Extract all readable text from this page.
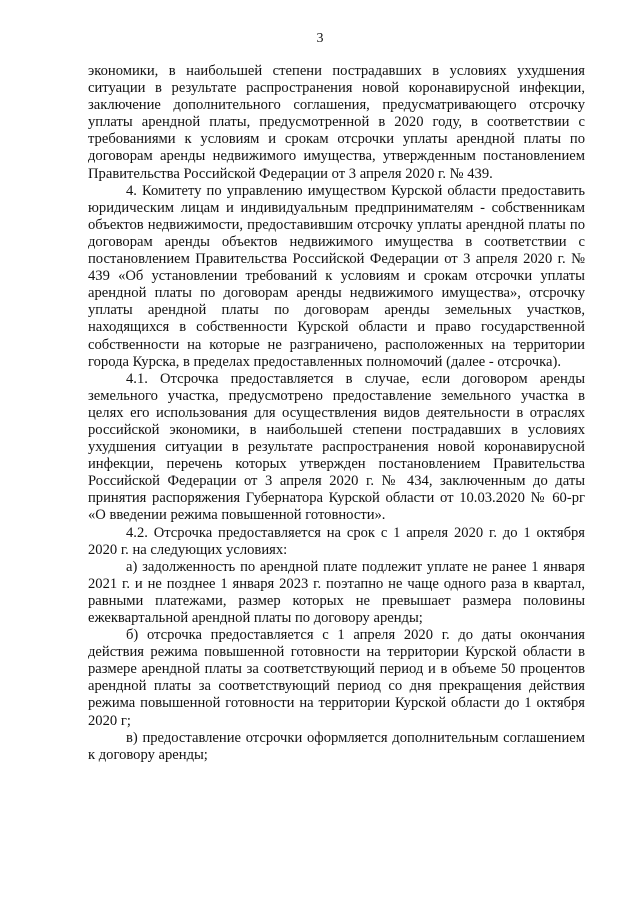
3

экономики, в наибольшей степени пострадавших в условиях ухудшения ситуации в результате распространения новой коронавирусной инфекции, заключение дополнительного соглашения, предусматривающего отсрочку уплаты арендной платы, предусмотренной в 2020 году, в соответствии с требованиями к условиям и срокам отсрочки уплаты арендной платы по договорам аренды недвижимого имущества, утвержденным постановлением Правительства Российской Федерации от 3 апреля 2020 г. № 439.

4. Комитету по управлению имуществом Курской области предоставить юридическим лицам и индивидуальным предпринимателям - собственникам объектов недвижимости, предоставившим отсрочку уплаты арендной платы по договорам аренды объектов недвижимого имущества в соответствии с постановлением Правительства Российской Федерации от 3 апреля 2020 г. № 439 «Об установлении требований к условиям и срокам отсрочки уплаты арендной платы по договорам аренды недвижимого имущества», отсрочку уплаты арендной платы по договорам аренды земельных участков, находящихся в собственности Курской области и право государственной собственности на которые не разграничено, расположенных на территории города Курска, в пределах предоставленных полномочий (далее - отсрочка).

4.1. Отсрочка предоставляется в случае, если договором аренды земельного участка, предусмотрено предоставление земельного участка в целях его использования для осуществления видов деятельности в отраслях российской экономики, в наибольшей степени пострадавших в условиях ухудшения ситуации в результате распространения новой коронавирусной инфекции, перечень которых утвержден постановлением Правительства Российской Федерации от 3 апреля 2020 г. № 434, заключенным до даты принятия распоряжения Губернатора Курской области от 10.03.2020 № 60-рг «О введении режима повышенной готовности».

4.2. Отсрочка предоставляется на срок с 1 апреля 2020 г. до 1 октября 2020 г. на следующих условиях:

а) задолженность по арендной плате подлежит уплате не ранее 1 января 2021 г. и не позднее 1 января 2023 г. поэтапно не чаще одного раза в квартал, равными платежами, размер которых не превышает размера половины ежеквартальной арендной платы по договору аренды;

б) отсрочка предоставляется с 1 апреля 2020 г. до даты окончания действия режима повышенной готовности на территории Курской области в размере арендной платы за соответствующий период и в объеме 50 процентов арендной платы за соответствующий период со дня прекращения действия режима повышенной готовности на территории Курской области до 1 октября 2020 г;

в) предоставление отсрочки оформляется дополнительным соглашением к договору аренды;
